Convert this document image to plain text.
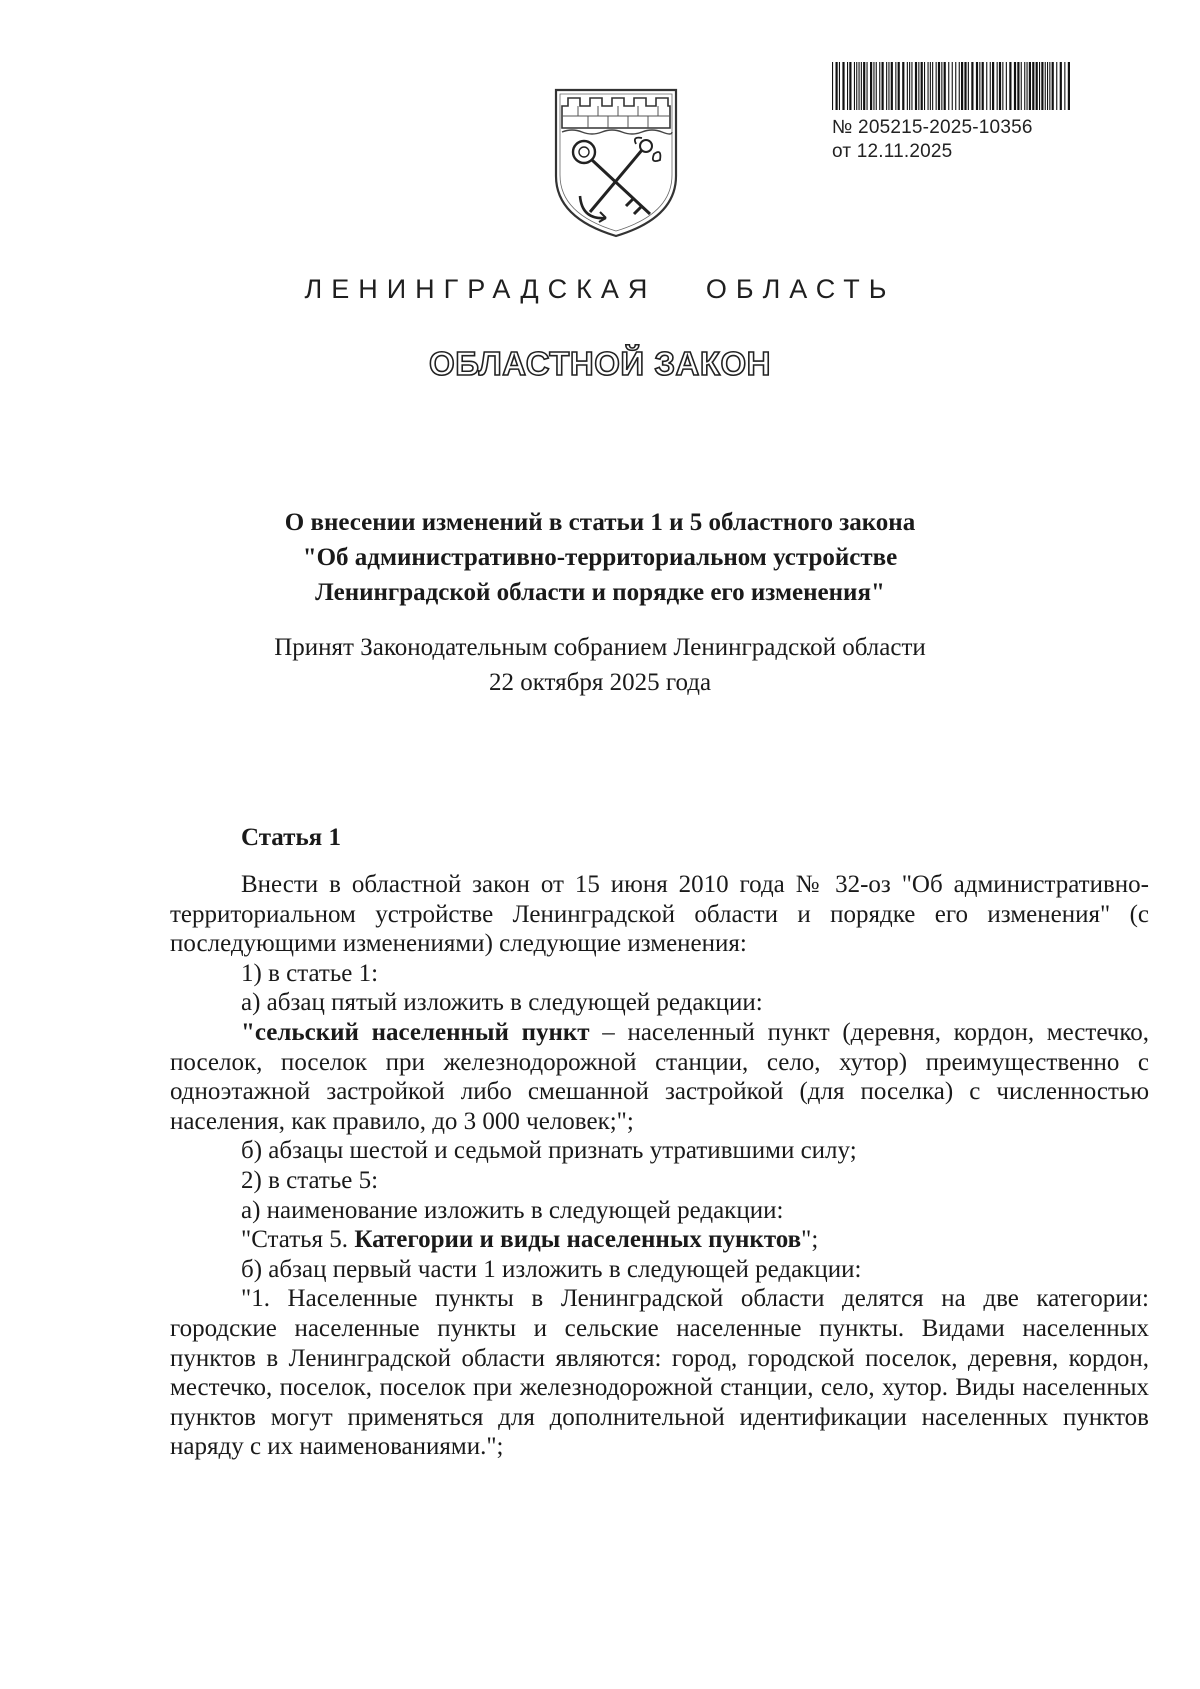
№ 205215-2025-10356
от 12.11.2025
ЛЕНИНГРАДСКАЯ   ОБЛАСТЬ
ОБЛАСТНОЙ ЗАКОН
О внесении изменений в статьи 1 и 5 областного закона
"Об административно-территориальном устройстве
Ленинградской области и порядке его изменения"
Принят Законодательным собранием Ленинградской области
22 октября 2025 года
Статья 1

Внести в областной закон от 15 июня 2010 года № 32-оз "Об административно-территориальном устройстве Ленинградской области и порядке его изменения" (с последующими изменениями) следующие изменения:

1) в статье 1:

а) абзац пятый изложить в следующей редакции:

"сельский населенный пункт – населенный пункт (деревня, кордон, местечко, поселок, поселок при железнодорожной станции, село, хутор) преимущественно с одноэтажной застройкой либо смешанной застройкой (для поселка) с численностью населения, как правило, до 3 000 человек;";

б) абзацы шестой и седьмой признать утратившими силу;

2) в статье 5:

а) наименование изложить в следующей редакции:

"Статья 5. Категории и виды населенных пунктов";

б) абзац первый части 1 изложить в следующей редакции:

"1. Населенные пункты в Ленинградской области делятся на две категории: городские населенные пункты и сельские населенные пункты. Видами населенных пунктов в Ленинградской области являются: город, городской поселок, деревня, кордон, местечко, поселок, поселок при железнодорожной станции, село, хутор. Виды населенных пунктов могут применяться для дополнительной идентификации населенных пунктов наряду с их наименованиями.";
